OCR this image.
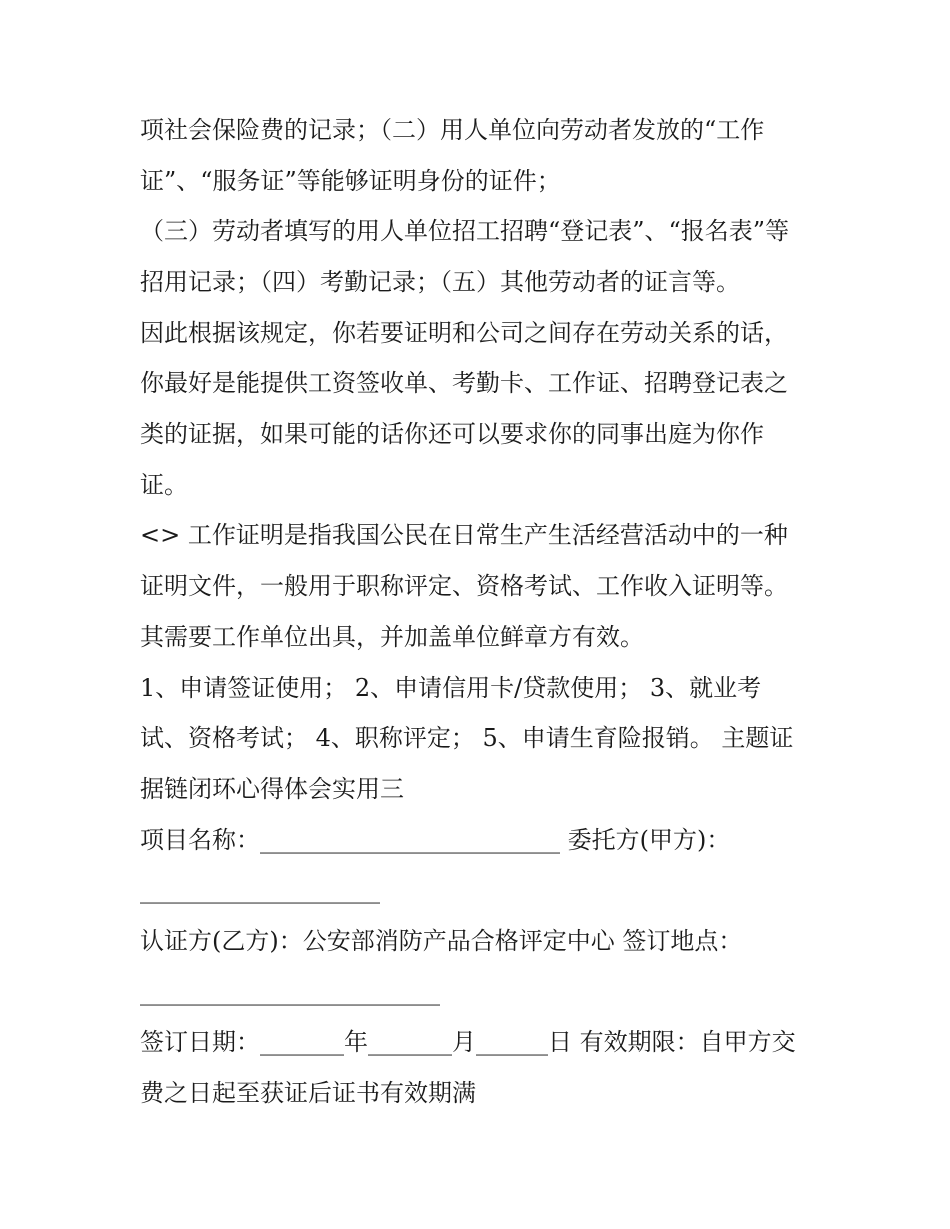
项社会保险费的记录；（二）用人单位向劳动者发放的“工作
证”、“服务证”等能够证明身份的证件；
（三）劳动者填写的用人单位招工招聘“登记表”、“报名表”等
招用记录；（四）考勤记录；（五）其他劳动者的证言等。
因此根据该规定，你若要证明和公司之间存在劳动关系的话，
你最好是能提供工资签收单、考勤卡、工作证、招聘登记表之
类的证据，如果可能的话你还可以要求你的同事出庭为你作
证。
<> 工作证明是指我国公民在日常生产生活经营活动中的一种
证明文件，一般用于职称评定、资格考试、工作收入证明等。
其需要工作单位出具，并加盖单位鲜章方有效。
1、申请签证使用； 2、申请信用卡/贷款使用； 3、就业考
试、资格考试； 4、职称评定； 5、申请生育险报销。 主题证
据链闭环心得体会实用三
项目名称：_________________________ 委托方(甲方)：
____________________
认证方(乙方)：公安部消防产品合格评定中心 签订地点：
_________________________
签订日期：_______年_______月______日 有效期限：自甲方交
费之日起至获证后证书有效期满
